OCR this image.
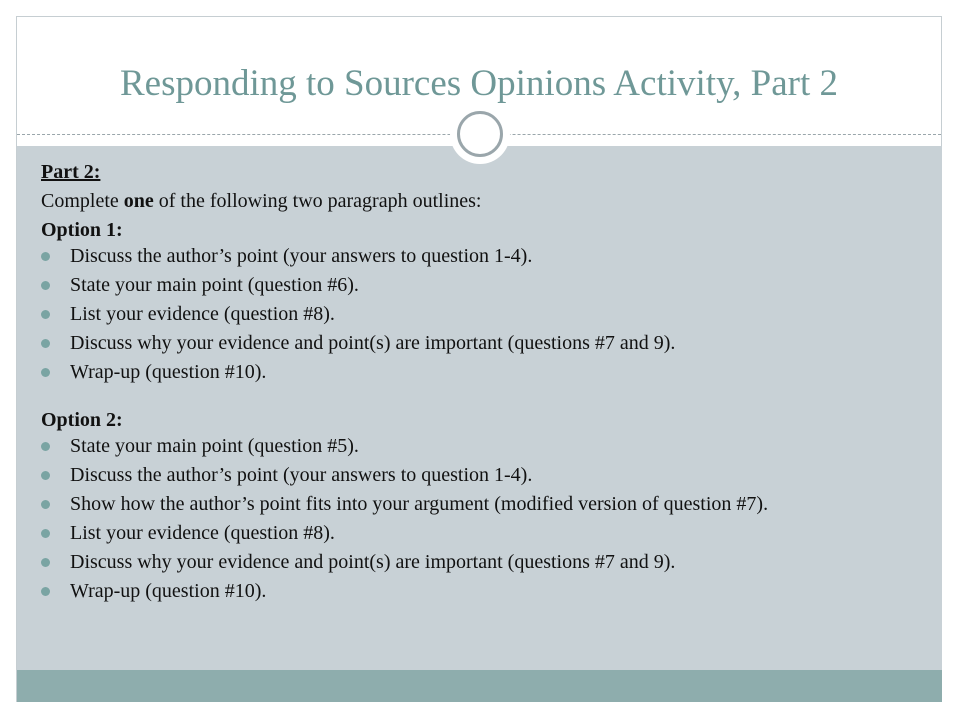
Responding to Sources Opinions Activity, Part 2

Part 2:

Complete one of the following two paragraph outlines:

Option 1:

Discuss the author’s point (your answers to question 1-4).
State your main point (question #6).
List your evidence (question #8).
Discuss why your evidence and point(s) are important (questions #7 and 9).
Wrap-up (question #10).

Option 2:

State your main point (question #5).
Discuss the author’s point (your answers to question 1-4).
Show how the author’s point fits into your argument (modified version of question #7).
List your evidence (question #8).
Discuss why your evidence and point(s) are important (questions #7 and 9).
Wrap-up (question #10).
